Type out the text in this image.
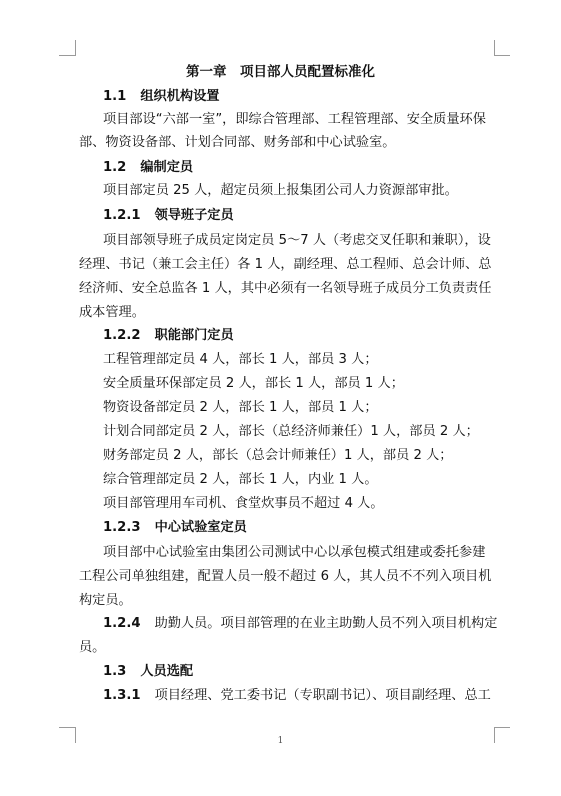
第一章　项目部人员配置标准化
1.1 组织机构设置
项目部设“六部一室”，即综合管理部、工程管理部、安全质量环保
部、物资设备部、计划合同部、财务部和中心试验室。
1.2 编制定员
项目部定员 25 人，超定员须上报集团公司人力资源部审批。
1.2.1 领导班子定员
项目部领导班子成员定岗定员 5～7 人（考虑交叉任职和兼职），设
经理、书记（兼工会主任）各 1 人，副经理、总工程师、总会计师、总
经济师、安全总监各 1 人，其中必须有一名领导班子成员分工负责责任
成本管理。
1.2.2 职能部门定员
工程管理部定员 4 人，部长 1 人，部员 3 人；
安全质量环保部定员 2 人，部长 1 人，部员 1 人；
物资设备部定员 2 人，部长 1 人，部员 1 人；
计划合同部定员 2 人，部长（总经济师兼任）1 人，部员 2 人；
财务部定员 2 人，部长（总会计师兼任）1 人，部员 2 人；
综合管理部定员 2 人，部长 1 人，内业 1 人。
项目部管理用车司机、食堂炊事员不超过 4 人。
1.2.3 中心试验室定员
项目部中心试验室由集团公司测试中心以承包模式组建或委托参建
工程公司单独组建，配置人员一般不超过 6 人，其人员不不列入项目机
构定员。
1.2.4 助勤人员。项目部管理的在业主助勤人员不列入项目机构定
员。
1.3 人员选配
1.3.1 项目经理、党工委书记（专职副书记）、项目副经理、总工
1
